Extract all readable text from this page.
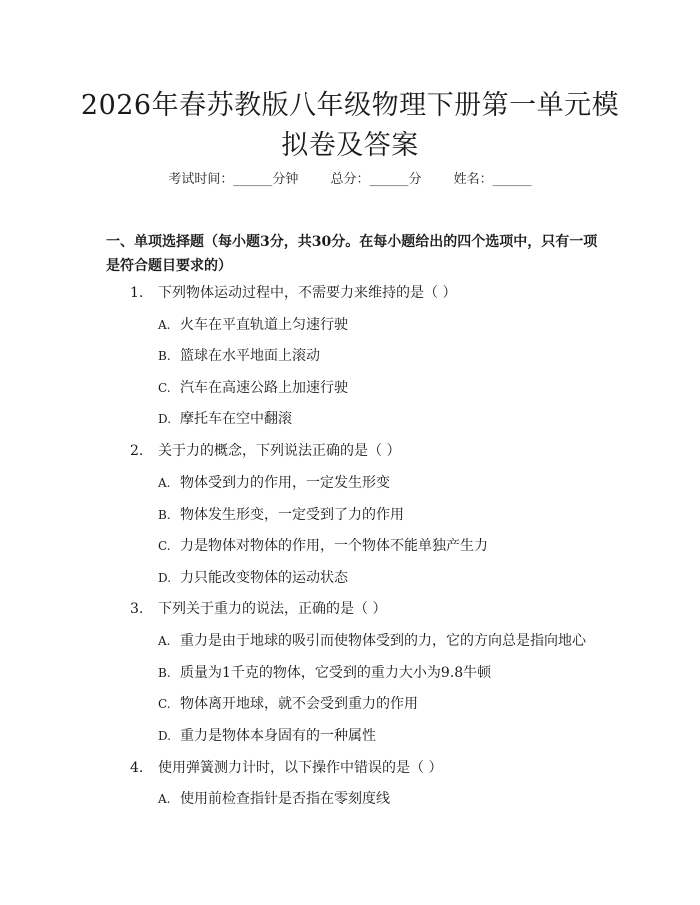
2026年春苏教版八年级物理下册第一单元模
拟卷及答案
考试时间：______分钟 总分：______分 姓名：______

一、单项选择题（每小题3分，共30分。在每小题给出的四个选项中，只有一项是符合题目要求的）

1. 下列物体运动过程中，不需要力来维持的是（ ）
A. 火车在平直轨道上匀速行驶
B. 篮球在水平地面上滚动
C. 汽车在高速公路上加速行驶
D. 摩托车在空中翻滚
2. 关于力的概念，下列说法正确的是（ ）
A. 物体受到力的作用，一定发生形变
B. 物体发生形变，一定受到了力的作用
C. 力是物体对物体的作用，一个物体不能单独产生力
D. 力只能改变物体的运动状态
3. 下列关于重力的说法，正确的是（ ）
A. 重力是由于地球的吸引而使物体受到的力，它的方向总是指向地心
B. 质量为1千克的物体，它受到的重力大小为9.8牛顿
C. 物体离开地球，就不会受到重力的作用
D. 重力是物体本身固有的一种属性
4. 使用弹簧测力计时，以下操作中错误的是（ ）
A. 使用前检查指针是否指在零刻度线
